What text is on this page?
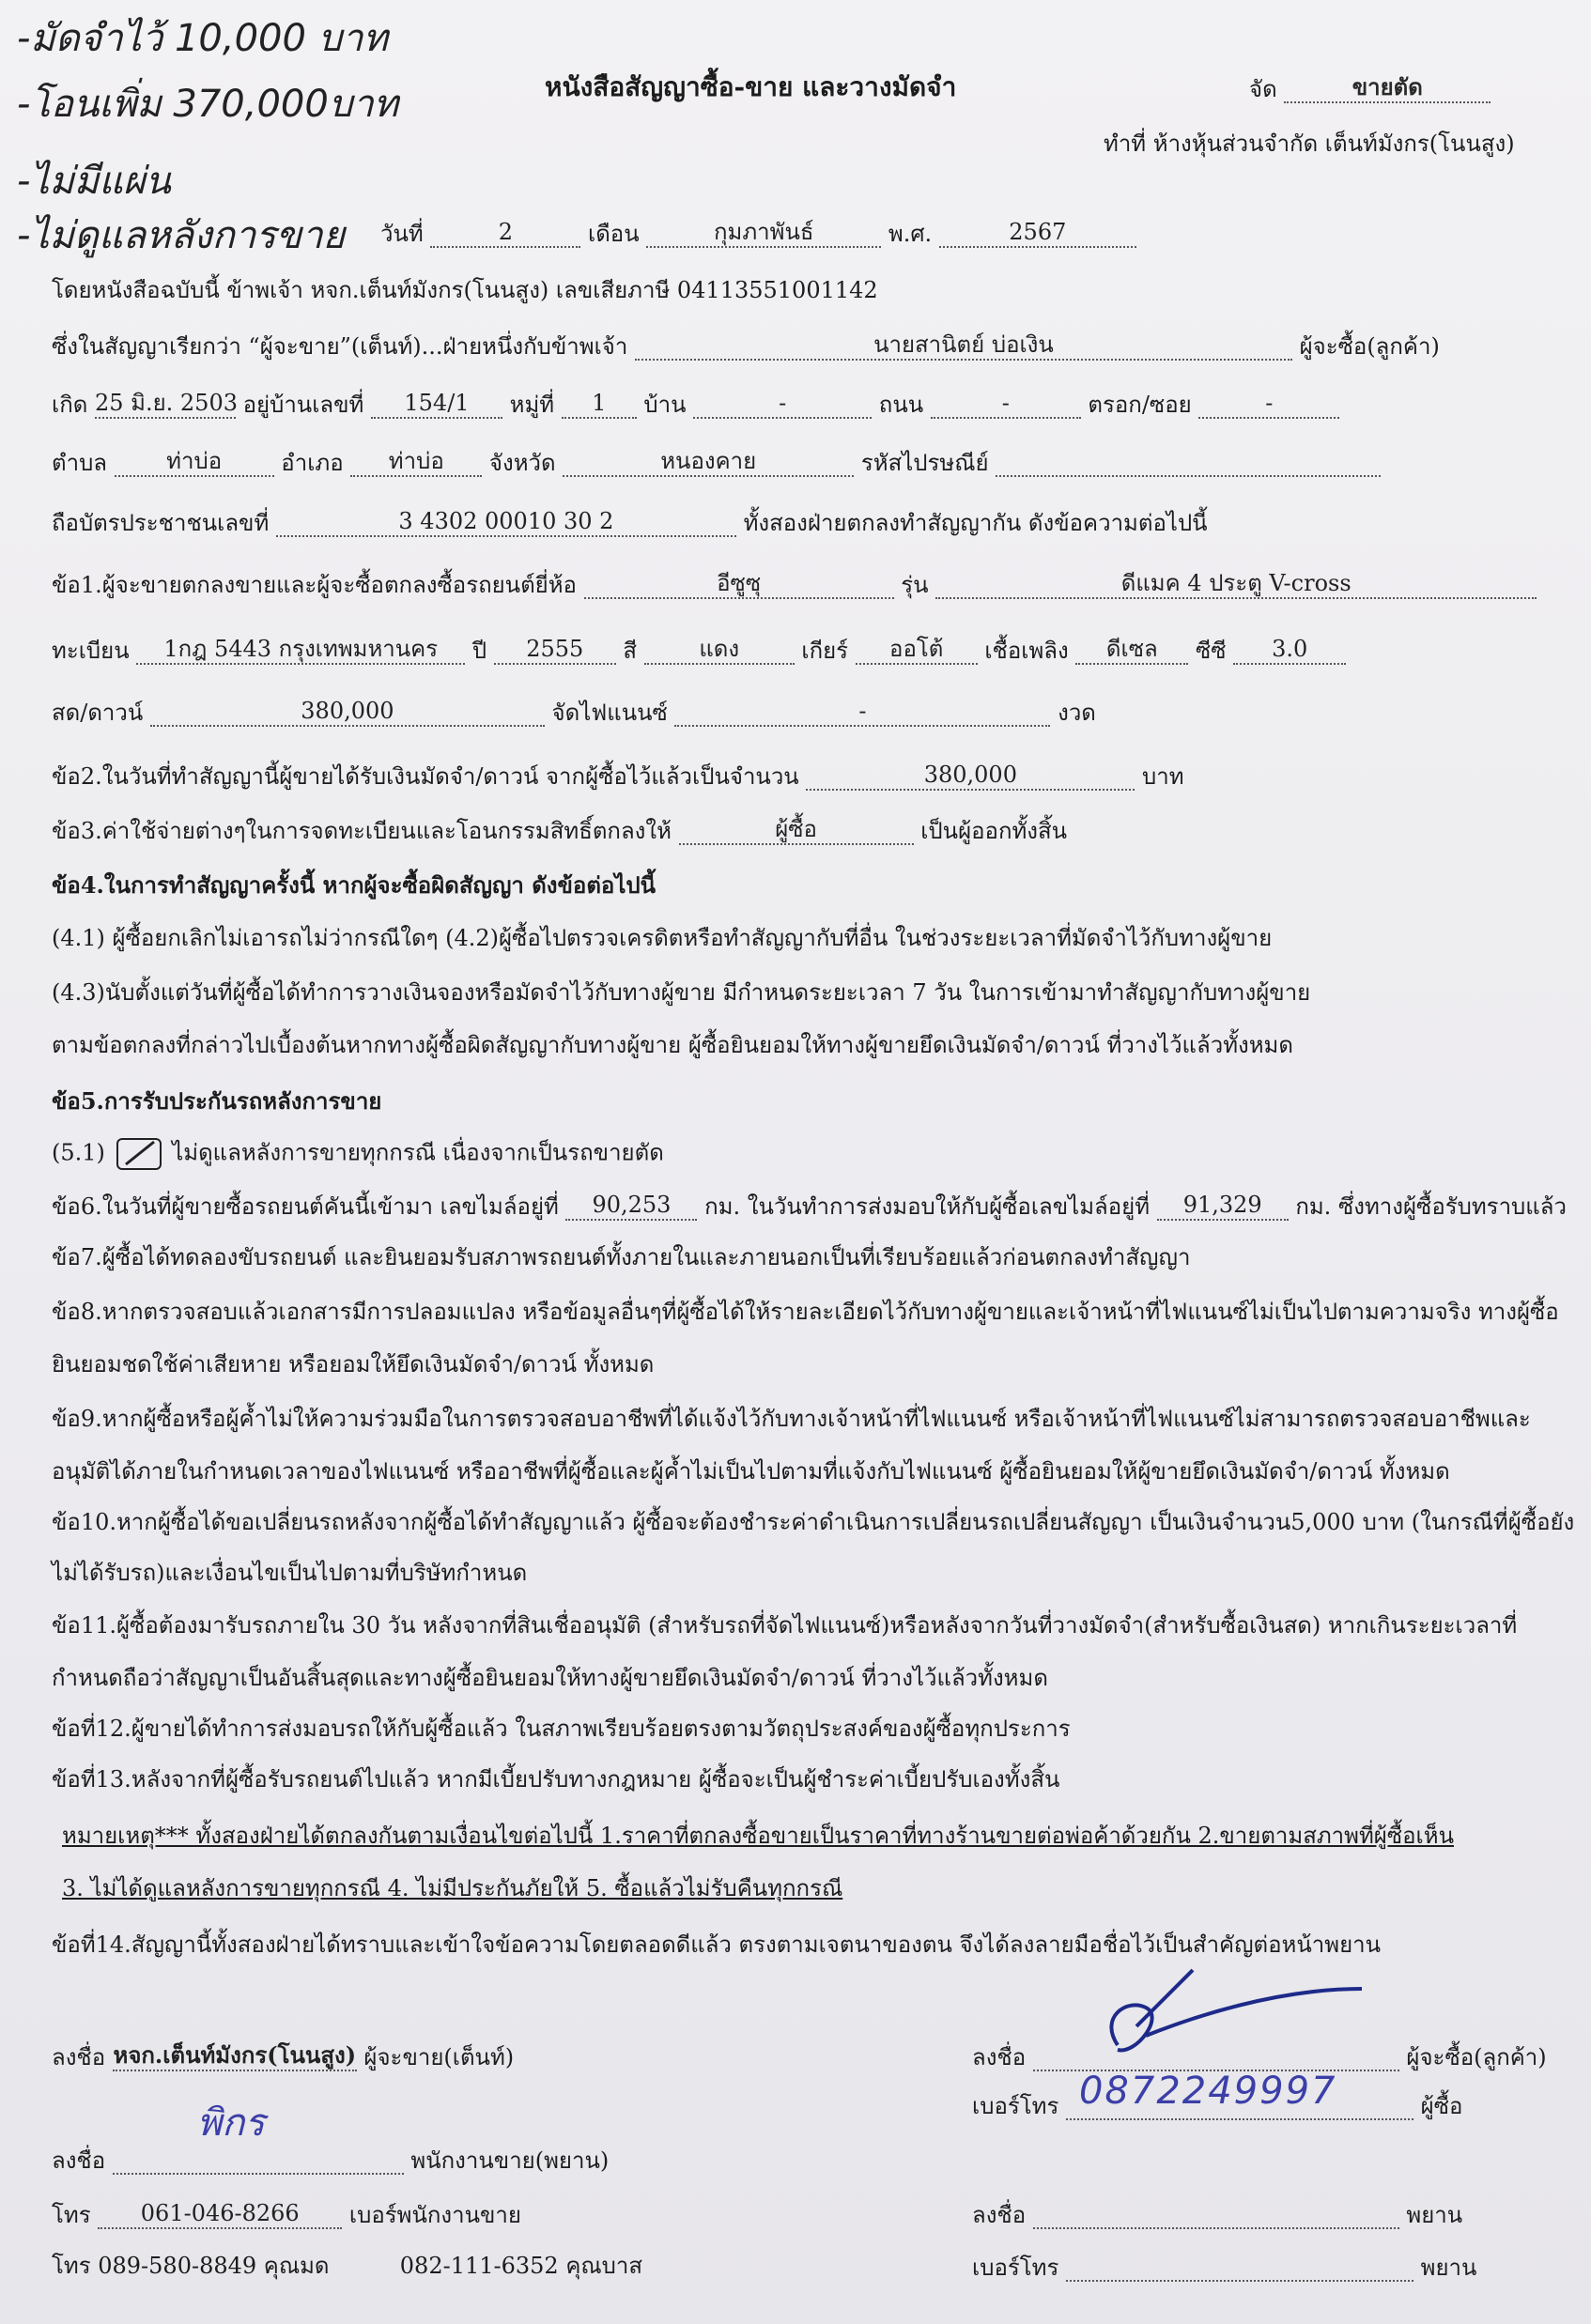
-มัดจำไว้ 10,000 บาท
-โอนเพิ่ม 370,000บาท
-ไม่มีแผ่น
-ไม่ดูแลหลังการขาย
หนังสือสัญญาซื้อ-ขาย และวางมัดจำ	จัด	ขายตัด
ทำที่ ห้างหุ้นส่วนจำกัด เต็นท์มังกร(โนนสูง)
วันที่	2	เดือน	กุมภาพันธ์	พ.ศ.	2567
โดยหนังสือฉบับนี้ ข้าพเจ้า หจก.เต็นท์มังกร(โนนสูง) เลขเสียภาษี 04113551001142
ซึ่งในสัญญาเรียกว่า “ผู้จะขาย”(เต็นท์)...ฝ่ายหนึ่งกับข้าพเจ้า	นายสานิตย์ บ่อเงิน	ผู้จะซื้อ(ลูกค้า)
เกิด 25 มิ.ย. 2503 อยู่บ้านเลขที่ 154/1 หมู่ที่ 1 บ้าน	-	ถนน	-	ตรอก/ซอย	-
ตำบล	ท่าบ่อ	อำเภอ ท่าบ่อ จังหวัด	หนองคาย	รหัสไปรษณีย์
ถือบัตรประชาชนเลขที่	3 4302 00010 30 2	ทั้งสองฝ่ายตกลงทำสัญญากัน ดังข้อความต่อไปนี้
ข้อ1.ผู้จะขายตกลงขายและผู้จะซื้อตกลงซื้อรถยนต์ยี่ห้อ	อีซูซุ	รุ่น	ดีแมค 4 ประตู V-cross
ทะเบียน 1กฎ 5443 กรุงเทพมหานคร ปี 2555 สี	แดง	เกียร์ ออโต้ เชื้อเพลิง ดีเซล ซีซี 3.0
สด/ดาวน์	380,000	จัดไฟแนนซ์	-	งวด
ข้อ2.ในวันที่ทำสัญญานี้ผู้ขายได้รับเงินมัดจำ/ดาวน์ จากผู้ซื้อไว้แล้วเป็นจำนวน	380,000	บาท
ข้อ3.ค่าใช้จ่ายต่างๆในการจดทะเบียนและโอนกรรมสิทธิ์ตกลงให้	ผู้ซื้อ	เป็นผู้ออกทั้งสิ้น
ข้อ4.ในการทำสัญญาครั้งนี้ หากผู้จะซื้อผิดสัญญา ดังข้อต่อไปนี้
(4.1) ผู้ซื้อยกเลิกไม่เอารถไม่ว่ากรณีใดๆ (4.2)ผู้ซื้อไปตรวจเครดิตหรือทำสัญญากับที่อื่น ในช่วงระยะเวลาที่มัดจำไว้กับทางผู้ขาย
(4.3)นับตั้งแต่วันที่ผู้ซื้อได้ทำการวางเงินจองหรือมัดจำไว้กับทางผู้ขาย มีกำหนดระยะเวลา 7 วัน ในการเข้ามาทำสัญญากับทางผู้ขาย
ตามข้อตกลงที่กล่าวไปเบื้องต้นหากทางผู้ซื้อผิดสัญญากับทางผู้ขาย ผู้ซื้อยินยอมให้ทางผู้ขายยึดเงินมัดจำ/ดาวน์ ที่วางไว้แล้วทั้งหมด
ข้อ5.การรับประกันรถหลังการขาย
(5.1)	ไม่ดูแลหลังการขายทุกกรณี เนื่องจากเป็นรถขายตัด
ข้อ6.ในวันที่ผู้ขายซื้อรถยนต์คันนี้เข้ามา เลขไมล์อยู่ที่ 90,253 กม. ในวันทำการส่งมอบให้กับผู้ซื้อเลขไมล์อยู่ที่ 91,329 กม. ซึ่งทางผู้ซื้อรับทราบแล้ว
ข้อ7.ผู้ซื้อได้ทดลองขับรถยนต์ และยินยอมรับสภาพรถยนต์ทั้งภายในและภายนอกเป็นที่เรียบร้อยแล้วก่อนตกลงทำสัญญา
ข้อ8.หากตรวจสอบแล้วเอกสารมีการปลอมแปลง หรือข้อมูลอื่นๆที่ผู้ซื้อได้ให้รายละเอียดไว้กับทางผู้ขายและเจ้าหน้าที่ไฟแนนซ์ไม่เป็นไปตามความจริง ทางผู้ซื้อ
ยินยอมชดใช้ค่าเสียหาย หรือยอมให้ยึดเงินมัดจำ/ดาวน์ ทั้งหมด
ข้อ9.หากผู้ซื้อหรือผู้ค้ำไม่ให้ความร่วมมือในการตรวจสอบอาชีพที่ได้แจ้งไว้กับทางเจ้าหน้าที่ไฟแนนซ์ หรือเจ้าหน้าที่ไฟแนนซ์ไม่สามารถตรวจสอบอาชีพและ
อนุมัติได้ภายในกำหนดเวลาของไฟแนนซ์ หรืออาชีพที่ผู้ซื้อและผู้ค้ำไม่เป็นไปตามที่แจ้งกับไฟแนนซ์ ผู้ซื้อยินยอมให้ผู้ขายยึดเงินมัดจำ/ดาวน์ ทั้งหมด
ข้อ10.หากผู้ซื้อได้ขอเปลี่ยนรถหลังจากผู้ซื้อได้ทำสัญญาแล้ว ผู้ซื้อจะต้องชำระค่าดำเนินการเปลี่ยนรถเปลี่ยนสัญญา เป็นเงินจำนวน5,000 บาท (ในกรณีที่ผู้ซื้อยัง
ไม่ได้รับรถ)และเงื่อนไขเป็นไปตามที่บริษัทกำหนด
ข้อ11.ผู้ซื้อต้องมารับรถภายใน 30 วัน หลังจากที่สินเชื่ออนุมัติ (สำหรับรถที่จัดไฟแนนซ์)หรือหลังจากวันที่วางมัดจำ(สำหรับซื้อเงินสด) หากเกินระยะเวลาที่
กำหนดถือว่าสัญญาเป็นอันสิ้นสุดและทางผู้ซื้อยินยอมให้ทางผู้ขายยึดเงินมัดจำ/ดาวน์ ที่วางไว้แล้วทั้งหมด
ข้อที่12.ผู้ขายได้ทำการส่งมอบรถให้กับผู้ซื้อแล้ว ในสภาพเรียบร้อยตรงตามวัตถุประสงค์ของผู้ซื้อทุกประการ
ข้อที่13.หลังจากที่ผู้ซื้อรับรถยนต์ไปแล้ว หากมีเบี้ยปรับทางกฎหมาย ผู้ซื้อจะเป็นผู้ชำระค่าเบี้ยปรับเองทั้งสิ้น
หมายเหตุ*** ทั้งสองฝ่ายได้ตกลงกันตามเงื่อนไขต่อไปนี้ 1.ราคาที่ตกลงซื้อขายเป็นราคาที่ทางร้านขายต่อพ่อค้าด้วยกัน 2.ขายตามสภาพที่ผู้ซื้อเห็น
3. ไม่ได้ดูแลหลังการขายทุกกรณี 4. ไม่มีประกันภัยให้ 5. ซื้อแล้วไม่รับคืนทุกกรณี
ข้อที่14.สัญญานี้ทั้งสองฝ่ายได้ทราบและเข้าใจข้อความโดยตลอดดีแล้ว ตรงตามเจตนาของตน จึงได้ลงลายมือชื่อไว้เป็นสำคัญต่อหน้าพยาน
ลงชื่อ หจก.เต็นท์มังกร(โนนสูง) ผู้จะขาย(เต็นท์)
ลงชื่อ
พิกร
พนักงานขาย(พยาน)
โทร 061-046-8266 เบอร์พนักงานขาย
โทร 089-580-8849 คุณมด	082-111-6352 คุณบาส
ลงชื่อ	ผู้จะซื้อ(ลูกค้า)
เบอร์โทร 0872249997	ผู้ซื้อ
ลงชื่อ	พยาน
เบอร์โทร	พยาน
